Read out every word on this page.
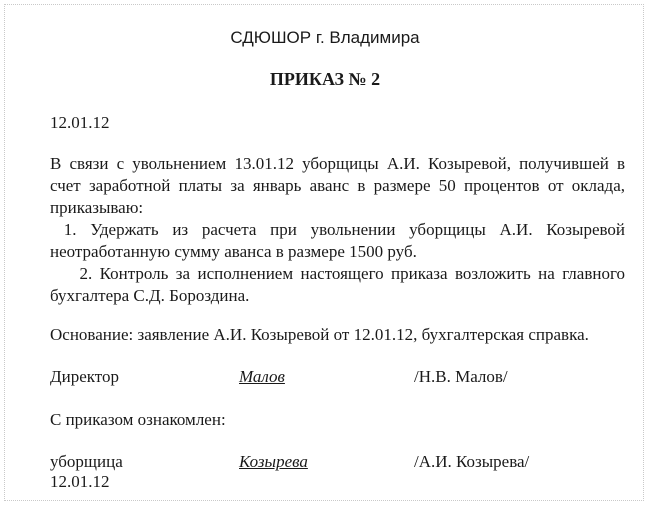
СДЮШОР г. Владимира
ПРИКАЗ № 2
12.01.12
В связи с увольнением 13.01.12 уборщицы А.И. Козыревой, получившей в счет заработной платы за январь аванс в размере 50 процентов от оклада, приказываю:
1. Удержать из расчета при увольнении уборщицы А.И. Козыревой неотработанную сумму аванса в размере 1500 руб.
2. Контроль за исполнением настоящего приказа возложить на главного бухгалтера С.Д. Бороздина.
Основание: заявление А.И. Козыревой от 12.01.12, бухгалтерская справка.
Директор	Малов	/Н.В. Малов/
С приказом ознакомлен:
уборщица	Козырева	/А.И. Козырева/
12.01.12
